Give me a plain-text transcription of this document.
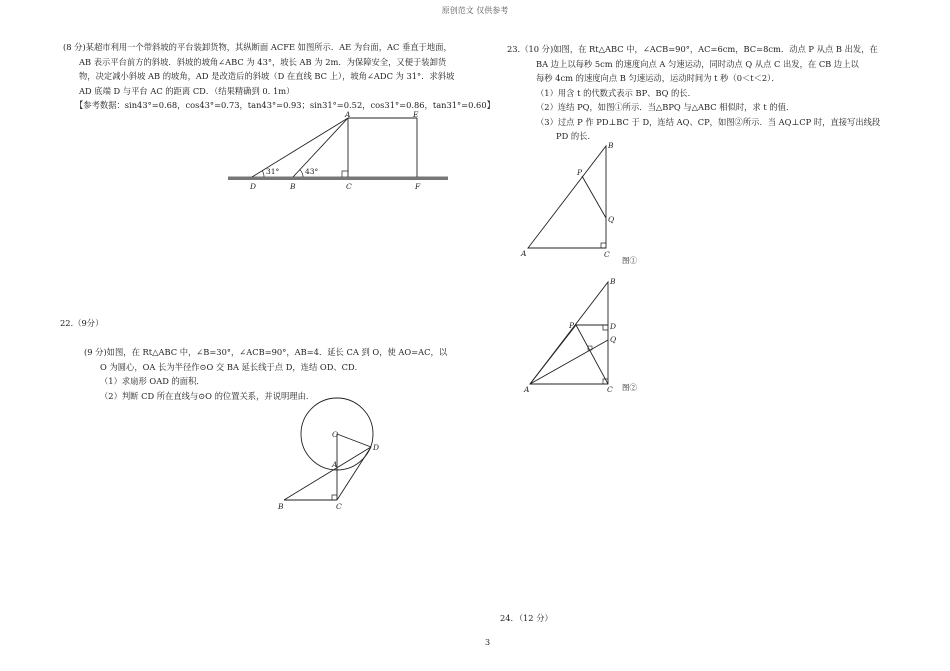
原创范文 仅供参考
(8 分)某超市利用一个带斜坡的平台装卸货物，其纵断面 ACFE 如图所示．AE 为台面，AC 垂直于地面，
AB 表示平台前方的斜坡．斜坡的坡角∠ABC 为 43°，坡长 AB 为 2m．为保障安全，又便于装卸货
物，决定减小斜坡 AB 的坡角，AD 是改造后的斜坡（D 在直线 BC 上），坡角∠ADC 为 31°．求斜坡
AD 底端 D 与平台 AC 的距离 CD．（结果精确到 0. 1m）
【参考数据：sin43°=0.68，cos43°=0.73，tan43°=0.93；sin31°=0.52，cos31°=0.86，tan31°=0.60】
A	E
D	B	C	F
31°	43°
22.（9分）
(9 分)如图，在 Rt△ABC 中，∠B=30°，∠ACB=90°，AB=4．延长 CA 到 O，使 AO=AC，以
O 为圆心，OA 长为半径作⊙O 交 BA 延长线于点 D，连结 OD、CD．
（1）求扇形 OAD 的面积．
（2）判断 CD 所在直线与⊙O 的位置关系，并说明理由．
O
A
D
B	C
23.（10 分)如图，在 Rt△ABC 中，∠ACB=90°，AC=6cm，BC=8cm．动点 P 从点 B 出发，在
BA 边上以每秒 5cm 的速度向点 A 匀速运动，同时动点 Q 从点 C 出发，在 CB 边上以
每秒 4cm 的速度向点 B 匀速运动，运动时间为 t 秒（0＜t＜2）．
（1）用含 t 的代数式表示 BP、BQ 的长．
（2）连结 PQ，如图①所示．当△BPQ 与△ABC 相似时，求 t 的值．
（3）过点 P 作 PD⊥BC 于 D，连结 AQ、CP，如图②所示．当 AQ⊥CP 时，直接写出线段
PD 的长．
B
P
Q
A	C
图①
B
P	D
Q
A	C 图②
24．（12 分）
3
